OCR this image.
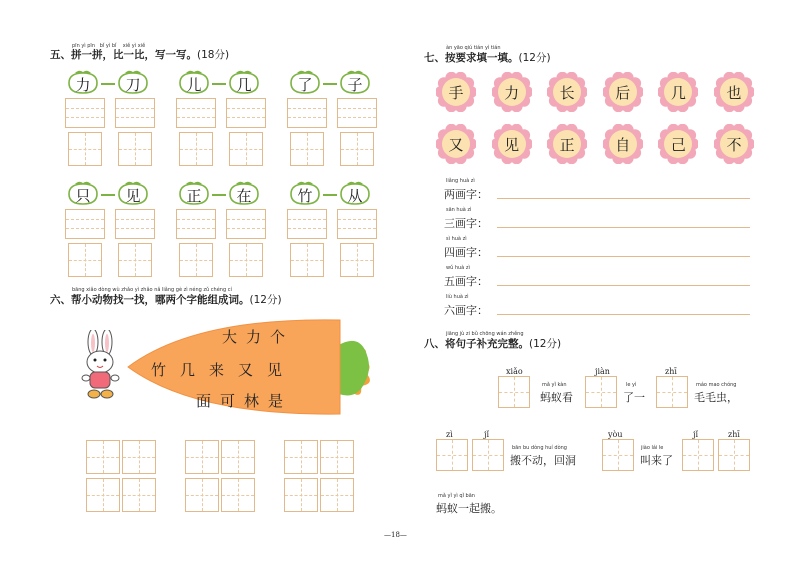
五、拼一拼，比一比，写一写。(18分)
pīn yì pīn   bǐ yì bǐ    xiě yì xiě
力	刀	儿	几	了	子
只	见	正	在	竹	从
六、帮小动物找一找，哪两个字能组成词。(12分)
bāng xiǎo dòng wù zhǎo yì zhǎo nǎ liǎng gè zì néng zǔ chéng cí
大 力 个
竹 几 来 又 见
面 可 林 是
七、按要求填一填。(12分)
àn yāo qiú tián yì tián
手	力	长	后	几	也
又	见	正	自	己	不
liǎng huà zì
两画字：
sān huà zì
三画字：
sì huà zì
四画字：
wǔ huà zì
五画字：
liù huà zì
六画字：
八、将句子补充完整。(12分)
jiāng jù zi bǔ chōng wán zhěng
xiǎo
mǎ yǐ kàn
蚂蚁看
jiàn
le yì
了一
zhī
máo mao chóng
毛毛虫，
zì	jǐ
bān bu dòng huí dòng
搬不动，回洞
yòu
jiào lái le
叫来了
jǐ	zhī
mǎ yǐ yì qǐ bān
蚂蚁一起搬。
—18—
